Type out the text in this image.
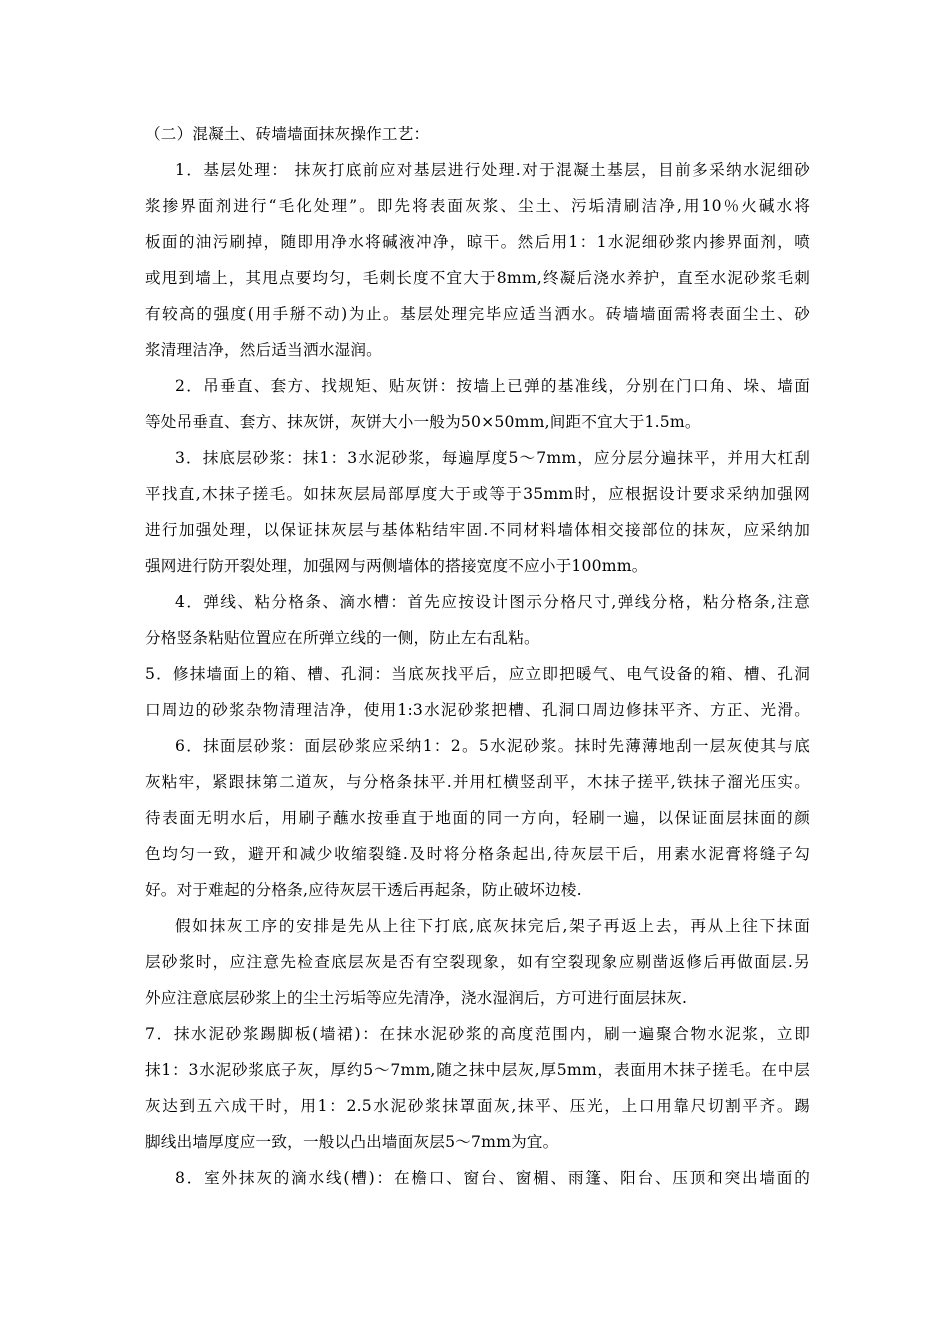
（二）混凝土、砖墙墙面抹灰操作工艺：
1．基层处理： 抹灰打底前应对基层进行处理.对于混凝土基层，目前多采纳水泥细砂
浆掺界面剂进行“毛化处理”。即先将表面灰浆、尘土、污垢清刷洁净,用10％火碱水将
板面的油污刷掉，随即用净水将碱液冲净，晾干。然后用1：1水泥细砂浆内掺界面剂，喷
或甩到墙上，其甩点要均匀，毛刺长度不宜大于8mm,终凝后浇水养护，直至水泥砂浆毛刺
有较高的强度(用手掰不动)为止。基层处理完毕应适当洒水。砖墙墙面需将表面尘土、砂
浆清理洁净，然后适当洒水湿润。
2．吊垂直、套方、找规矩、贴灰饼：按墙上已弹的基准线，分别在门口角、垛、墙面
等处吊垂直、套方、抹灰饼，灰饼大小一般为50×50mm,间距不宜大于1.5m。
3．抹底层砂浆：抹1：3水泥砂浆，每遍厚度5～7mm，应分层分遍抹平，并用大杠刮
平找直,木抹子搓毛。如抹灰层局部厚度大于或等于35mm时，应根据设计要求采纳加强网
进行加强处理，以保证抹灰层与基体粘结牢固.不同材料墙体相交接部位的抹灰，应采纳加
强网进行防开裂处理，加强网与两侧墙体的搭接宽度不应小于100mm。
4．弹线、粘分格条、滴水槽：首先应按设计图示分格尺寸,弹线分格，粘分格条,注意
分格竖条粘贴位置应在所弹立线的一侧，防止左右乱粘。
5．修抹墙面上的箱、槽、孔洞：当底灰找平后，应立即把暖气、电气设备的箱、槽、孔洞
口周边的砂浆杂物清理洁净，使用1:3水泥砂浆把槽、孔洞口周边修抹平齐、方正、光滑。
6．抹面层砂浆：面层砂浆应采纳1：2。5水泥砂浆。抹时先薄薄地刮一层灰使其与底
灰粘牢，紧跟抹第二道灰，与分格条抹平.并用杠横竖刮平，木抹子搓平,铁抹子溜光压实。
待表面无明水后，用刷子蘸水按垂直于地面的同一方向，轻刷一遍，以保证面层抹面的颜
色均匀一致，避开和减少收缩裂缝.及时将分格条起出,待灰层干后，用素水泥膏将缝子勾
好。对于难起的分格条,应待灰层干透后再起条，防止破坏边棱.
假如抹灰工序的安排是先从上往下打底,底灰抹完后,架子再返上去，再从上往下抹面
层砂浆时，应注意先检查底层灰是否有空裂现象，如有空裂现象应剔凿返修后再做面层.另
外应注意底层砂浆上的尘土污垢等应先清净，浇水湿润后，方可进行面层抹灰.
7．抹水泥砂浆踢脚板(墙裙)：在抹水泥砂浆的高度范围内，刷一遍聚合物水泥浆，立即
抹1：3水泥砂浆底子灰，厚约5～7mm,随之抹中层灰,厚5mm，表面用木抹子搓毛。在中层
灰达到五六成干时，用1：2.5水泥砂浆抹罩面灰,抹平、压光，上口用靠尺切割平齐。踢
脚线出墙厚度应一致，一般以凸出墙面灰层5～7mm为宜。
8．室外抹灰的滴水线(槽)：在檐口、窗台、窗楣、雨篷、阳台、压顶和突出墙面的
